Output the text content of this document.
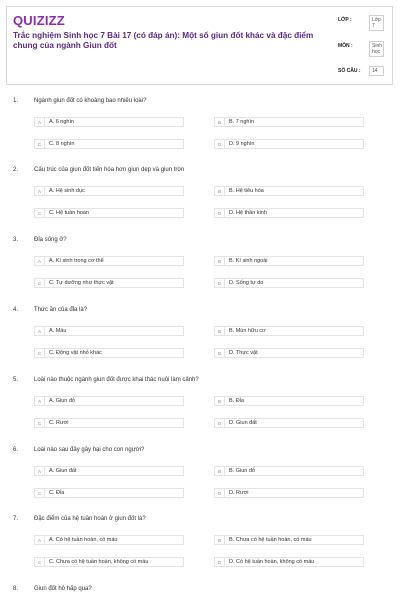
QUIZIZZ
Trắc nghiệm Sinh học 7 Bài 17 (có đáp án): Một số giun đốt khác và đặc điểm chung của ngành Giun đốt
LỚP :	Lớp
7
MÔN :	Sinh
học
SỐ CÂU : 14
1.	Ngành giun đốt có khoảng bao nhiêu loài?
A	A. 6 nghìn	B	B. 7 nghìn
C	C. 8 nghìn	D	D. 9 nghìn
2.	Cấu trúc của giun đốt tiến hóa hơn giun dẹp và giun tròn
A	A. Hệ sinh dục	B	B. Hệ tiêu hóa
C	C. Hệ tuần hoàn	D	D. Hệ thần kinh
3.	Đỉa sống ở?
A	A. Kí sinh trong cơ thể	B	B. Kí sinh ngoài
C	C. Tự dưỡng như thực vật	D	D. Sống tự do
4.	Thức ăn của đỉa là?
A	A. Máu	B	B. Mùn hữu cơ
C	C. Động vật nhỏ khác	D	D. Thực vật
5.	Loài nào thuộc ngành giun đốt được khai thác nuôi làm cảnh?
A	A. Giun đỏ	B	B. Đỉa
C	C. Rươi	D	D. Giun đất
6.	Loài nào sau đây gây hại cho con người?
A	A. Giun đất	B	B. Giun đỏ
C	C. Đỉa	D	D. Rươi
7.	Đặc điểm của hệ tuần hoàn ở giun đốt là?
A	A. Có hệ tuần hoàn, có máu	B	B. Chưa có hệ tuần hoàn, có máu
C	C. Chưa có hệ tuần hoàn, không có máu	D	D. Có hệ tuần hoàn, không có máu
8.	Giun đốt hô hấp qua?
